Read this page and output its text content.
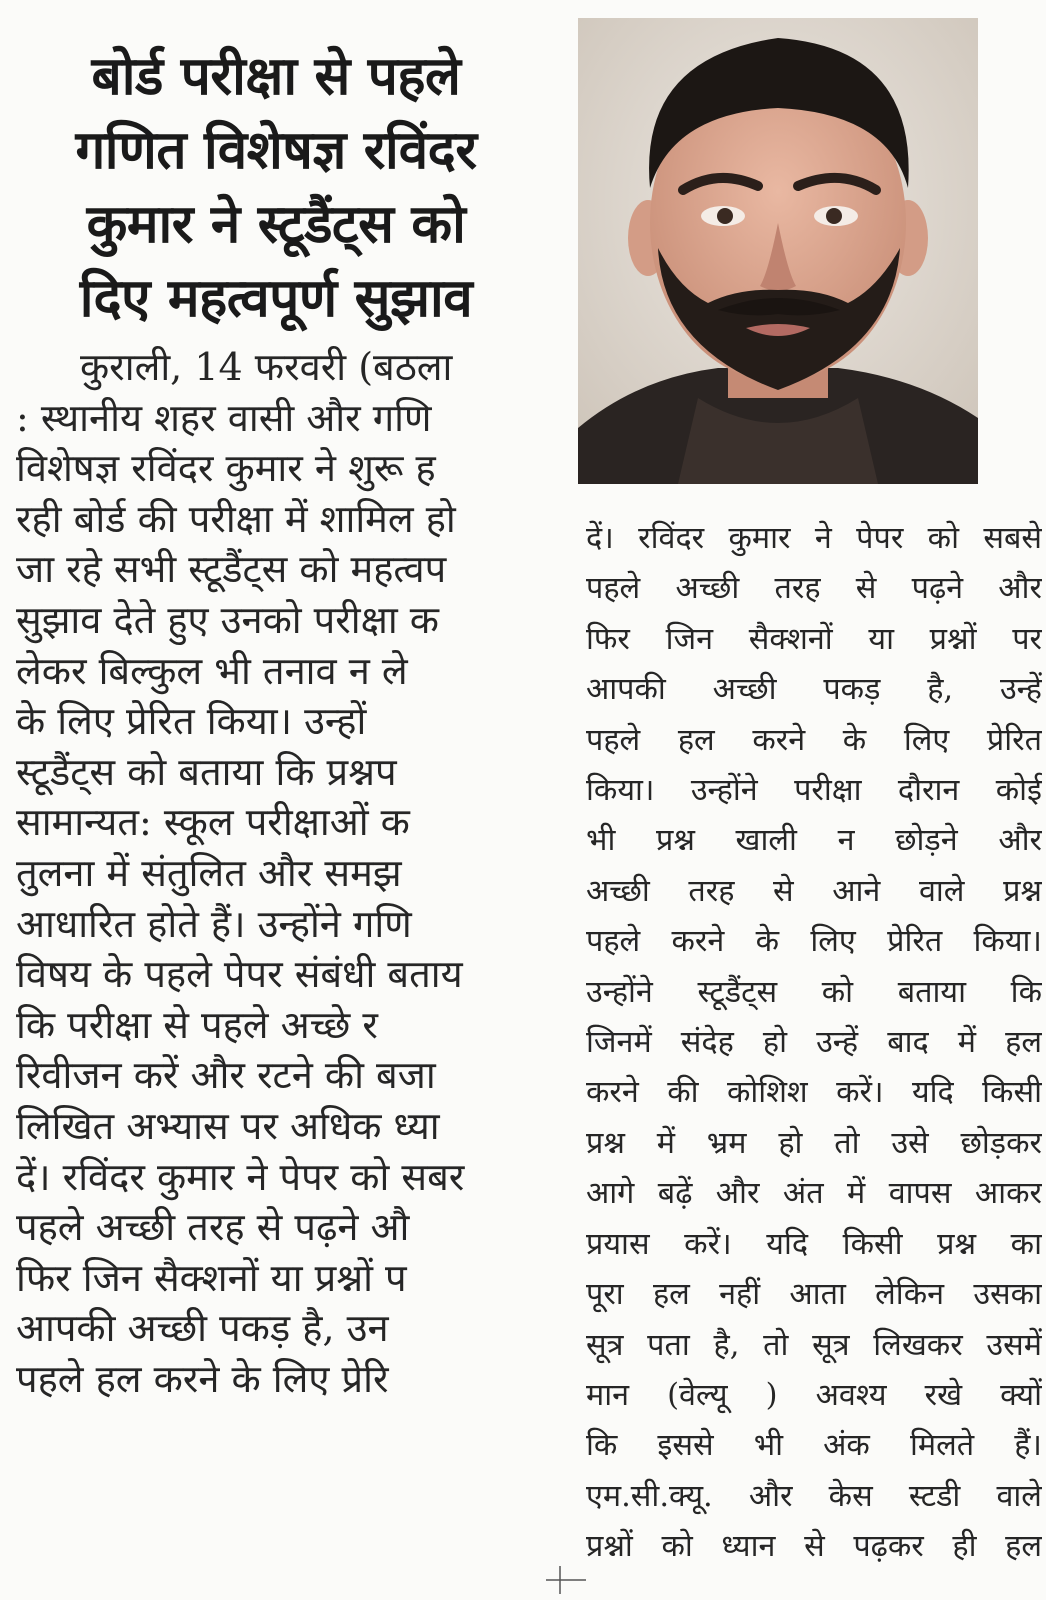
बोर्ड परीक्षा से पहले
गणित विशेषज्ञ रविंदर
कुमार ने स्टूडैंट्स को
दिए महत्वपूर्ण सुझाव
कुराली, 14 फरवरी (बठला
: स्थानीय शहर वासी और गणि
विशेषज्ञ रविंदर कुमार ने शुरू ह
रही बोर्ड की परीक्षा में शामिल हो
जा रहे सभी स्टूडैंट्स को महत्वप
सुझाव देते हुए उनको परीक्षा क
लेकर बिल्कुल भी तनाव न ले
के लिए प्रेरित किया। उन्हों
स्टूडैंट्स को बताया कि प्रश्नप
सामान्यत: स्कूल परीक्षाओं क
तुलना में संतुलित और समझ
आधारित होते हैं। उन्होंने गणि
विषय के पहले पेपर संबंधी बताय
कि परीक्षा से पहले अच्छे र
रिवीजन करें और रटने की बजा
लिखित अभ्यास पर अधिक ध्या
दें। रविंदर कुमार ने पेपर को सबर
पहले अच्छी तरह से पढ़ने औ
फिर जिन सैक्शनों या प्रश्नों प
आपकी अच्छी पकड़ है, उन
पहले हल करने के लिए प्रेरि
दें। रविंदर कुमार ने पेपर को सबसे
पहले अच्छी तरह से पढ़ने और
फिर जिन सैक्शनों या प्रश्नों पर
आपकी अच्छी पकड़ है, उन्हें
पहले हल करने के लिए प्रेरित
किया। उन्होंने परीक्षा दौरान कोई
भी प्रश्न खाली न छोड़ने और
अच्छी तरह से आने वाले प्रश्न
पहले करने के लिए प्रेरित किया।
उन्होंने स्टूडैंट्स को बताया कि
जिनमें संदेह हो उन्हें बाद में हल
करने की कोशिश करें। यदि किसी
प्रश्न में भ्रम हो तो उसे छोड़कर
आगे बढ़ें और अंत में वापस आकर
प्रयास करें। यदि किसी प्रश्न का
पूरा हल नहीं आता लेकिन उसका
सूत्र पता है, तो सूत्र लिखकर उसमें
मान (वेल्यू ) अवश्य रखे क्यों
कि इससे भी अंक मिलते हैं।
एम.सी.क्यू. और केस स्टडी वाले
प्रश्नों को ध्यान से पढ़कर ही हल
